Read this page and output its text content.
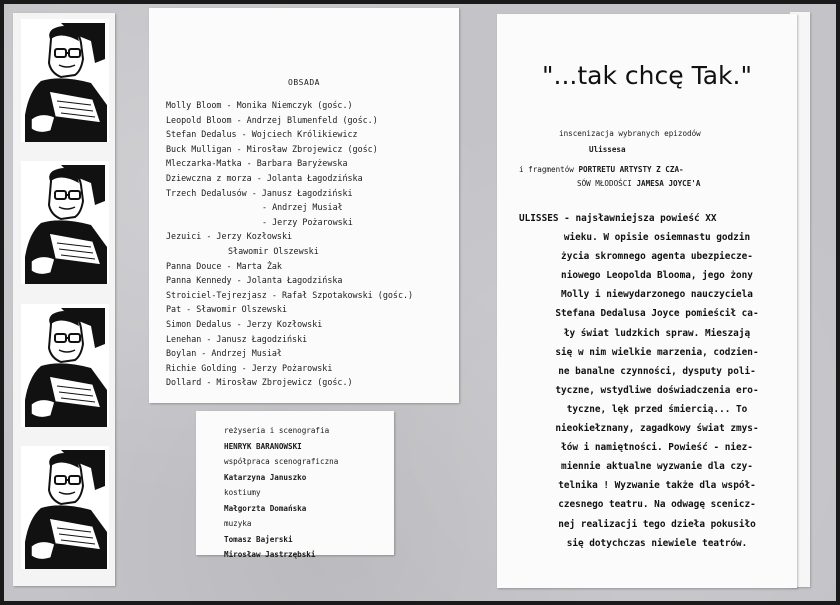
OBSADA
Molly Bloom - Monika Niemczyk (gośc.)
Leopold Bloom - Andrzej Blumenfeld (gośc.)
Stefan Dedalus - Wojciech Królikiewicz
Buck Mulligan - Mirosław Zbrojewicz (gośc)
Mleczarka-Matka - Barbara Baryżewska
Dziewczna z morza - Jolanta Łagodzińska
Trzech Dedalusów - Janusz Łagodziński
- Andrzej Musiał
- Jerzy Pożarowski
Jezuici - Jerzy Kozłowski
Sławomir Olszewski
Panna Douce - Marta Żak
Panna Kennedy - Jolanta Łagodzińska
Stroiciel-Tejrezjasz - Rafał Szpotakowski (gośc.)
Pat - Sławomir Olszewski
Simon Dedalus - Jerzy Kozłowski
Lenehan - Janusz Łagodziński
Boylan - Andrzej Musiał
Richie Golding - Jerzy Pożarowski
Dollard - Mirosław Zbrojewicz (gośc.)
reżyseria i scenografia
HENRYK BARANOWSKI
współpraca scenograficzna
Katarzyna Januszko
kostiumy
Małgorzta Domańska
muzyka
Tomasz Bajerski
Mirosław Jastrzębski
"...tak chcę Tak."
inscenizacja wybranych epizodów
Ulissesa
i fragmentów PORTRETU ARTYSTY Z CZA-
SÓW MŁODOŚCI JAMESA JOYCE'A
ULISSES - najsławniejsza powieść XX
wieku. W opisie osiemnastu godzin
życia skromnego agenta ubezpiecze-
niowego Leopolda Blooma, jego żony
Molly i niewydarzonego nauczyciela
Stefana Dedalusa Joyce pomieścił ca-
ły świat ludzkich spraw. Mieszają
się w nim wielkie marzenia, codzien-
ne banalne czynności, dysputy poli-
tyczne, wstydliwe doświadczenia ero-
tyczne, lęk przed śmiercią... To
nieokiełznany, zagadkowy świat zmys-
łów i namiętności. Powieść - niez-
miennie aktualne wyzwanie dla czy-
telnika ! Wyzwanie także dla współ-
czesnego teatru. Na odwagę scenicz-
nej realizacji tego dzieła pokusiło
się dotychczas niewiele teatrów.
